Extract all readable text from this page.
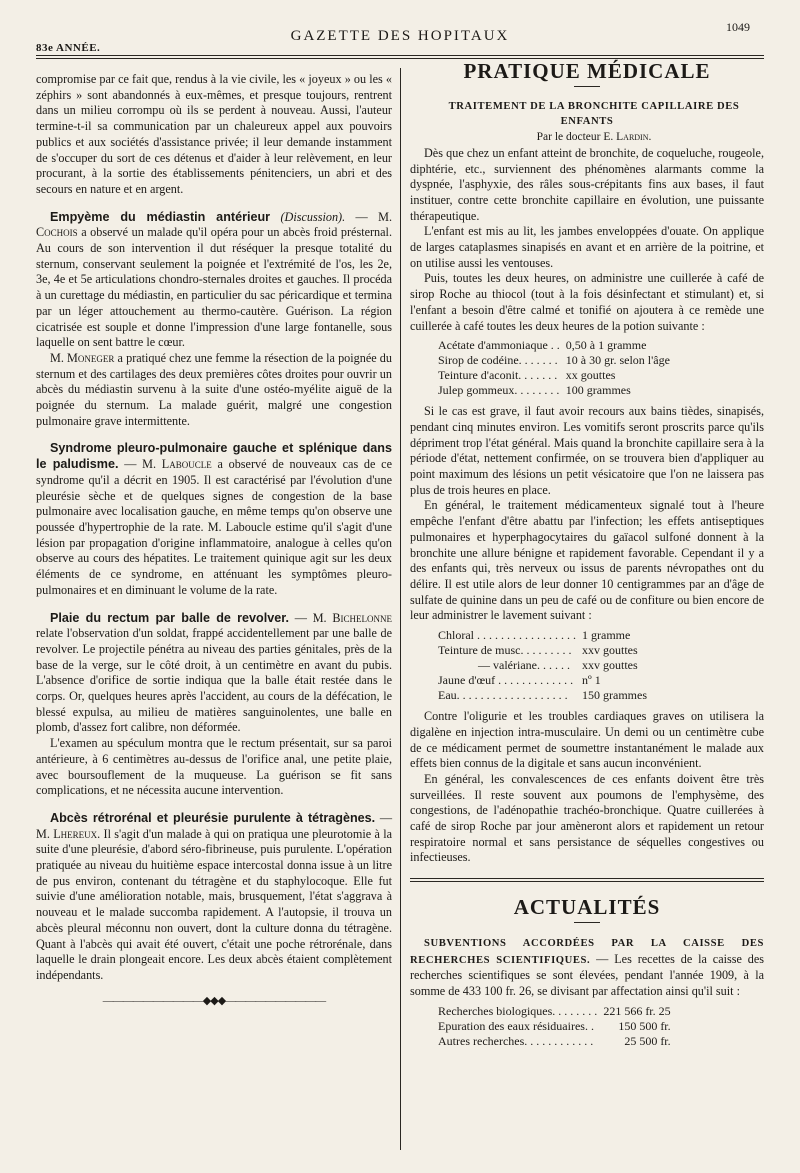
83e ANNÉE.
GAZETTE DES HOPITAUX
1049

compromise par ce fait que, rendus à la vie civile, les « joyeux » ou les « zéphirs » sont abandonnés à eux-mêmes, et presque toujours, rentrent dans un milieu corrompu où ils se perdent à nouveau. Aussi, l'auteur termine-t-il sa communication par un chaleureux appel aux pouvoirs publics et aux sociétés d'assistance privée; il leur demande instamment de s'occuper du sort de ces détenus et d'aider à leur relèvement, en leur procurant, à la sortie des établissements pénitenciers, un abri et des secours en nature et en argent.

Empyème du médiastin antérieur (Discussion). — M. Cochois a observé un malade qu'il opéra pour un abcès froid présternal. Au cours de son intervention il dut réséquer la presque totalité du sternum, conservant seulement la poignée et l'extrémité de l'os, les 2e, 3e, 4e et 5e articulations chondro-sternales droites et gauches. Il procéda à un curettage du médiastin, en particulier du sac péricardique et termina par un léger attouchement au thermo-cautère. Guérison. La région cicatrisée est souple et donne l'impression d'une large fontanelle, sous laquelle on sent battre le cœur.

M. Moneger a pratiqué chez une femme la résection de la poignée du sternum et des cartilages des deux premières côtes droites pour ouvrir un abcès du médiastin survenu à la suite d'une ostéo-myélite aiguë de la poignée du sternum. La malade guérit, malgré une congestion pulmonaire grave intermittente.

Syndrome pleuro-pulmonaire gauche et splénique dans le paludisme. — M. Laboucle a observé de nouveaux cas de ce syndrome qu'il a décrit en 1905. Il est caractérisé par l'évolution d'une pleurésie sèche et de quelques signes de congestion de la base pulmonaire avec localisation gauche, en même temps qu'on observe une poussée d'hypertrophie de la rate. M. Laboucle estime qu'il s'agit d'une lésion par propagation d'origine inflammatoire, analogue à celles qu'on observe au cours des hépatites. Le traitement quinique agit sur les deux éléments de ce syndrome, en atténuant les symptômes pleuro-pulmonaires et en diminuant le volume de la rate.

Plaie du rectum par balle de revolver. — M. Bichelonne relate l'observation d'un soldat, frappé accidentellement par une balle de revolver. Le projectile pénétra au niveau des parties génitales, près de la base de la verge, sur le côté droit, à un centimètre en avant du pubis. L'absence d'orifice de sortie indiqua que la balle était restée dans le corps. Or, quelques heures après l'accident, au cours de la défécation, le blessé expulsa, au milieu de matières sanguinolentes, une balle en plomb, d'assez fort calibre, non déformée.

L'examen au spéculum montra que le rectum présentait, sur sa paroi antérieure, à 6 centimètres au-dessus de l'orifice anal, une petite plaie, avec boursouflement de la muqueuse. La guérison se fit sans complications, et ne nécessita aucune intervention.

Abcès rétrorénal et pleurésie purulente à tétragènes. — M. Lhereux. Il s'agit d'un malade à qui on pratiqua une pleurotomie à la suite d'une pleurésie, d'abord séro-fibrineuse, puis purulente. L'opération pratiquée au niveau du huitième espace intercostal donna issue à un litre de pus environ, contenant du tétragène et du staphylocoque. Elle fut suivie d'une amélioration notable, mais, brusquement, l'état s'aggrava à nouveau et le malade succomba rapidement. A l'autopsie, il trouva un abcès pleural méconnu non ouvert, dont la culture donna du tétragène. Quant à l'abcès qui avait été ouvert, c'était une poche rétrorénale, dans laquelle le drain plongeait encore. Les deux abcès étaient complètement indépendants.

——————————◆◆◆——————————
PRATIQUE MÉDICALE

TRAITEMENT DE LA BRONCHITE CAPILLAIRE DES ENFANTS

Par le docteur E. Lardin.

Dès que chez un enfant atteint de bronchite, de coqueluche, rougeole, diphtérie, etc., surviennent des phénomènes alarmants comme la dyspnée, l'asphyxie, des râles sous-crépitants fins aux bases, il faut instituer, contre cette bronchite capillaire en évolution, une puissante thérapeutique.

L'enfant est mis au lit, les jambes enveloppées d'ouate. On applique de larges cataplasmes sinapisés en avant et en arrière de la poitrine, et on utilise aussi les ventouses.

Puis, toutes les deux heures, on administre une cuillerée à café de sirop Roche au thiocol (tout à la fois désinfectant et stimulant) et, si l'enfant a besoin d'être calmé et tonifié on ajoutera à ce remède une cuillerée à café toutes les deux heures de la potion suivante :

Acétate d'ammoniaque . .	0,50 à 1 gramme
Sirop de codéine. . . . . . .	10 à 30 gr. selon l'âge
Teinture d'aconit. . . . . . .	xx gouttes
Julep gommeux. . . . . . . .	100 grammes

Si le cas est grave, il faut avoir recours aux bains tièdes, sinapisés, pendant cinq minutes environ. Les vomitifs seront proscrits parce qu'ils dépriment trop l'état général. Mais quand la bronchite capillaire sera à la période d'état, nettement confirmée, on se trouvera bien d'appliquer au point maximum des lésions un petit vésicatoire que l'on ne laissera pas plus de trois heures en place.

En général, le traitement médicamenteux signalé tout à l'heure empêche l'enfant d'être abattu par l'infection; les effets antiseptiques pulmonaires et hyperphagocytaires du gaïacol sulfoné donnent à la bronchite une allure bénigne et rapidement favorable. Cependant il y a des enfants qui, très nerveux ou issus de parents névropathes ont du délire. Il est utile alors de leur donner 10 centigrammes par an d'âge de sulfate de quinine dans un peu de café ou de confiture ou bien encore de leur administrer le lavement suivant :

Chloral . . . . . . . . . . . . . . . . .	1 gramme
Teinture de musc. . . . . . . . .	xxv gouttes
— valériane. . . . . .	xxv gouttes
Jaune d'œuf . . . . . . . . . . . . .	nº 1
Eau. . . . . . . . . . . . . . . . . . .	150 grammes

Contre l'oligurie et les troubles cardiaques graves on utilisera la digalène en injection intra-musculaire. Un demi ou un centimètre cube de ce médicament permet de soumettre instantanément le malade aux effets bien connus de la digitale et sans aucun inconvénient.

En général, les convalescences de ces enfants doivent être très surveillées. Il reste souvent aux poumons de l'emphysème, des congestions, de l'adénopathie trachéo-bronchique. Quatre cuillerées à café de sirop Roche par jour amèneront alors et rapidement un retour respiratoire normal et sans persistance de séquelles congestives ou infectieuses.

ACTUALITÉS

SUBVENTIONS ACCORDÉES PAR LA CAISSE DES RECHERCHES SCIENTIFIQUES. — Les recettes de la caisse des recherches scientifiques se sont élevées, pendant l'année 1909, à la somme de 433 100 fr. 26, se divisant par affectation ainsi qu'il suit :

Recherches biologiques. . . . . . . .	221 566 fr. 25
Epuration des eaux résiduaires. .	150 500 fr.
Autres recherches. . . . . . . . . . . .	25 500 fr.
